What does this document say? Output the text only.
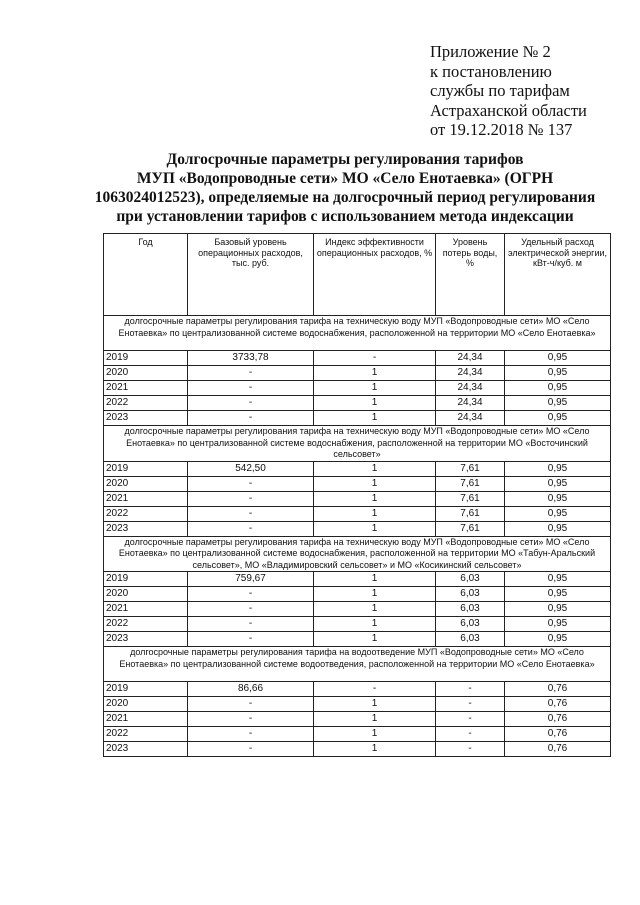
Приложение № 2
к постановлению
службы по тарифам
Астраханской области
от 19.12.2018 № 137
Долгосрочные параметры регулирования тарифов
МУП «Водопроводные сети» МО «Село Енотаевка» (ОГРН
1063024012523), определяемые на долгосрочный период регулирования
при установлении тарифов с использованием метода индексации
Год	Базовый уровень операционных расходов, тыс. руб.	Индекс эффективности операционных расходов, %	Уровень потерь воды, %	Удельный расход электрической энергии, кВт-ч/куб. м
долгосрочные параметры регулирования тарифа на техническую воду МУП «Водопроводные сети» МО «Село Енотаевка» по централизованной системе водоснабжения, расположенной на территории МО «Село Енотаевка»				
2019	3733,78	-	24,34	0,95
2020	-	1	24,34	0,95
2021	-	1	24,34	0,95
2022	-	1	24,34	0,95
2023	-	1	24,34	0,95
долгосрочные параметры регулирования тарифа на техническую воду МУП «Водопроводные сети» МО «Село Енотаевка» по централизованной системе водоснабжения, расположенной на территории МО «Восточинский сельсовет»				
2019	542,50	1	7,61	0,95
2020	-	1	7,61	0,95
2021	-	1	7,61	0,95
2022	-	1	7,61	0,95
2023	-	1	7,61	0,95
долгосрочные параметры регулирования тарифа на техническую воду МУП «Водопроводные сети» МО «Село Енотаевка» по централизованной системе водоснабжения, расположенной на территории МО «Табун-Аральский сельсовет», МО «Владимировский сельсовет» и МО «Косикинский сельсовет»				
2019	759,67	1	6,03	0,95
2020	-	1	6,03	0,95
2021	-	1	6,03	0,95
2022	-	1	6,03	0,95
2023	-	1	6,03	0,95
долгосрочные параметры регулирования тарифа на водоотведение МУП «Водопроводные сети» МО «Село Енотаевка» по централизованной системе водоотведения, расположенной на территории МО «Село Енотаевка»				
2019	86,66	-	-	0,76
2020	-	1	-	0,76
2021	-	1	-	0,76
2022	-	1	-	0,76
2023	-	1	-	0,76
